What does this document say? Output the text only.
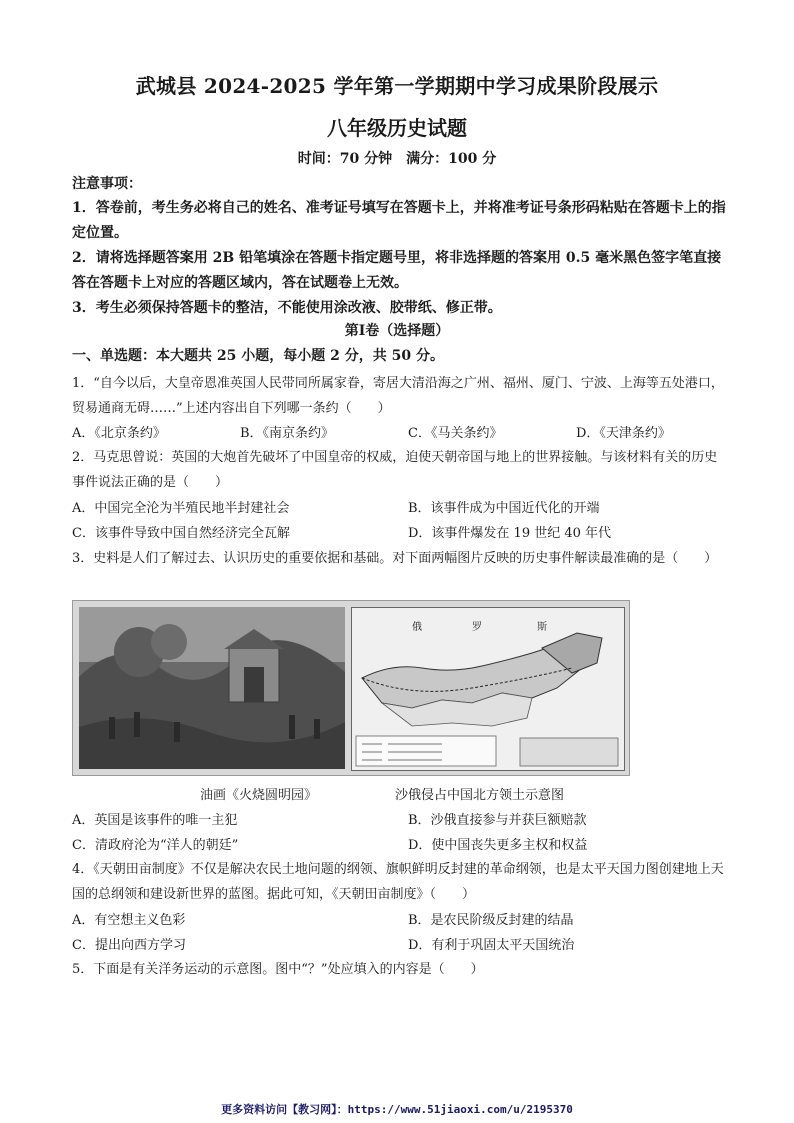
武城县 2024-2025 学年第一学期期中学习成果阶段展示
八年级历史试题
时间：70 分钟　满分：100 分
注意事项：
1．答卷前，考生务必将自己的姓名、准考证号填写在答题卡上，并将准考证号条形码粘贴在答题卡上的指定位置。
2．请将选择题答案用 2B 铅笔填涂在答题卡指定题号里，将非选择题的答案用 0.5 毫米黑色签字笔直接答在答题卡上对应的答题区域内，答在试题卷上无效。
3．考生必须保持答题卡的整洁，不能使用涂改液、胶带纸、修正带。
第Ⅰ卷（选择题）
一、单选题：本大题共 25 小题，每小题 2 分，共 50 分。
1．“自今以后，大皇帝恩准英国人民带同所属家眷，寄居大清沿海之广州、福州、厦门、宁波、上海等五处港口，贸易通商无碍……”上述内容出自下列哪一条约（　　）
A．《北京条约》	B．《南京条约》	C．《马关条约》	D．《天津条约》
2．马克思曾说：英国的大炮首先破坏了中国皇帝的权威，迫使天朝帝国与地上的世界接触。与该材料有关的历史事件说法正确的是（　　）
A．中国完全沦为半殖民地半封建社会	B．该事件成为中国近代化的开端
C．该事件导致中国自然经济完全瓦解	D．该事件爆发在 19 世纪 40 年代
3．史料是人们了解过去、认识历史的重要依据和基础。对下面两幅图片反映的历史事件解读最准确的是（　　）
俄	罗	斯
油画《火烧圆明园》	沙俄侵占中国北方领土示意图
A．英国是该事件的唯一主犯	B．沙俄直接参与并获巨额赔款
C．清政府沦为“洋人的朝廷”	D．使中国丧失更多主权和权益
4．《天朝田亩制度》不仅是解决农民土地问题的纲领、旗帜鲜明反封建的革命纲领，也是太平天国力图创建地上天国的总纲领和建设新世界的蓝图。据此可知，《天朝田亩制度》（　　）
A．有空想主义色彩	B．是农民阶级反封建的结晶
C．提出向西方学习	D．有利于巩固太平天国统治
5．下面是有关洋务运动的示意图。图中“？”处应填入的内容是（　　）
更多资料访问【教习网】：https://www.51jiaoxi.com/u/2195370
